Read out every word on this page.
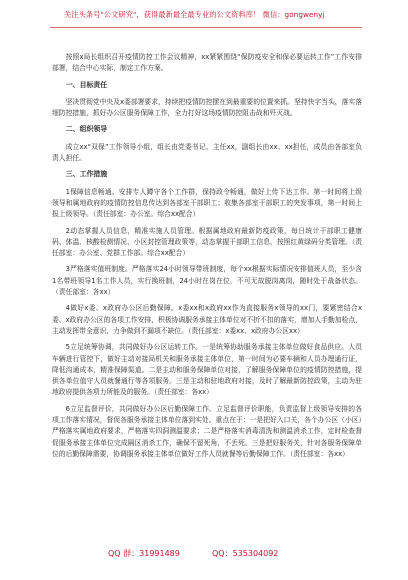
关注头条号"公文研究"，获得最新最全最专业的公文资料库！ 微信：gongwenyj
按照x局长组织召开疫情防控工作会议精神，xx紧紧围绕“保防疫安全和保必要运转工作”工作安排部署，结合中心实际，制定工作方案。
一、目标责任
坚决贯彻党中央及x委部署要求，持续把疫情防控摆在到最重要的位置来抓。坚持快字当头，落实落细防控措施，抓好办公区服务保障工作，全力打好这场疫情防控阻击战和歼灭战。
二、组织领导
成立xx“双保”工作领导小组，组长由党委书记、主任xx，副组长由xx、xx担任，成员由各部室负责人担任。
三、工作措施
1保障信息畅通。安排专人蹲守各个工作群，保持政令畅通，做好上传下达工作。第一时间将上级领导和属地政府的疫情防控信息传达到各部室干部职工；收集各部室干部职工的突发事项，第一时间上报上级领导。（责任部室：办公室。综合xx配合）
2动态掌握人员信息，精准实施人员管理。根据属地政府最新防疫政策，每日统计干部职工健康码、体温、核酸检测情况、小区封控管理政策等，动态掌握干部职工信息，按照红黄绿码分类管理。（责任部室：办公室、党群工作部。综合xx配合）
3严格落实值班制度。严格落实24小时领导带班制度，每个xx根据实际情况安排值班人员，至少含1名带班领导1名工作人员，实行换班制，24小时在岗在位，不可无故脱岗离岗，随时处于战备状态。（责任部室：各xx）
4做好x委、x政府办公区后勤保障。x委xx和x政府xx作为直接服务x领导的xx门，要紧密结合x委、x政府办公区的各项工作安排，积极协调服务承接主体单位对不折不扣的落实，增加人手勤加检点，主动发挥带全意识，力争做到不漏项不缺位。（责任部室：x委xx、x政府办公区xx）
5立足统筹协调，共同做好办公区运转工作。一是统筹协助服务承接主体单位做好食品供应。人员车辆进行管控下，做好主动对接局机关和服务承接主体单位，第一时间为必要车辆和人员办理通行证，降低沟通成本，精准保障渠道。二是主动和服务保障单位对接，了解服务保障单位的疫情防控措施，提供各单位值守人员就餐通行等各项服务。三是主动和驻地政府对接，及时了解最新防控政策，主动为驻地政府提供各项力所能及的服务。（责任部室：各xx）
6立足监督评价，共同做好办公区后勤保障工作。立足监督评价职能，负责监督上级领导安排的各项工作落实情况，督促各服务承接主体单位落到实处。重点在于：一是把好入口关，各个办公区（小区）严格落实属地政府要求，严格落实四洞测温要求；二是严格落实消毒清洗和测温消杀工作，定时检查督促服务承接主体单位完成隔区消杀工作，确保不留死角，不丢死。三是把好服务关，针对各服务保障单位的后勤保障需要，协调服务承接主体单位做好工作人员就餐等后勤保障工作。（责任部室：各xx）
QQ 群：31991489	QQ：535304092
